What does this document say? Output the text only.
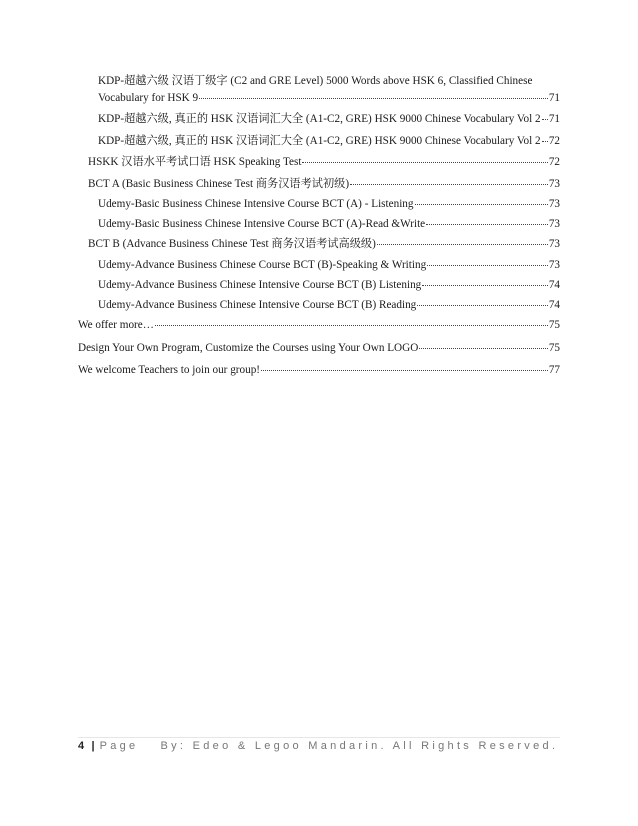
KDP-超越六级 汉语丁级字 (C2 and GRE Level) 5000 Words above HSK 6, Classified Chinese
Vocabulary for HSK 9	71
KDP-超越六级, 真正的 HSK 汉语词汇大全 (A1-C2, GRE) HSK 9000 Chinese Vocabulary Vol 2 71
KDP-超越六级, 真正的 HSK 汉语词汇大全 (A1-C2, GRE) HSK 9000 Chinese Vocabulary Vol 2 72
HSKK 汉语水平考试口语 HSK Speaking Test	72
BCT A (Basic Business Chinese Test 商务汉语考试初级)	73
Udemy-Basic Business Chinese Intensive Course BCT (A) - Listening	73
Udemy-Basic Business Chinese Intensive Course BCT (A)-Read &Write	73
BCT B (Advance Business Chinese Test 商务汉语考试高级级)	73
Udemy-Advance Business Chinese Course BCT (B)-Speaking & Writing	73
Udemy-Advance Business Chinese Intensive Course BCT (B) Listening	74
Udemy-Advance Business Chinese Intensive Course BCT (B) Reading	74
We offer more…	75
Design Your Own Program, Customize the Courses using Your Own LOGO	75
We welcome Teachers to join our group!	77
4 | Page By: Edeo & Legoo Mandarin. All Rights Reserved.
